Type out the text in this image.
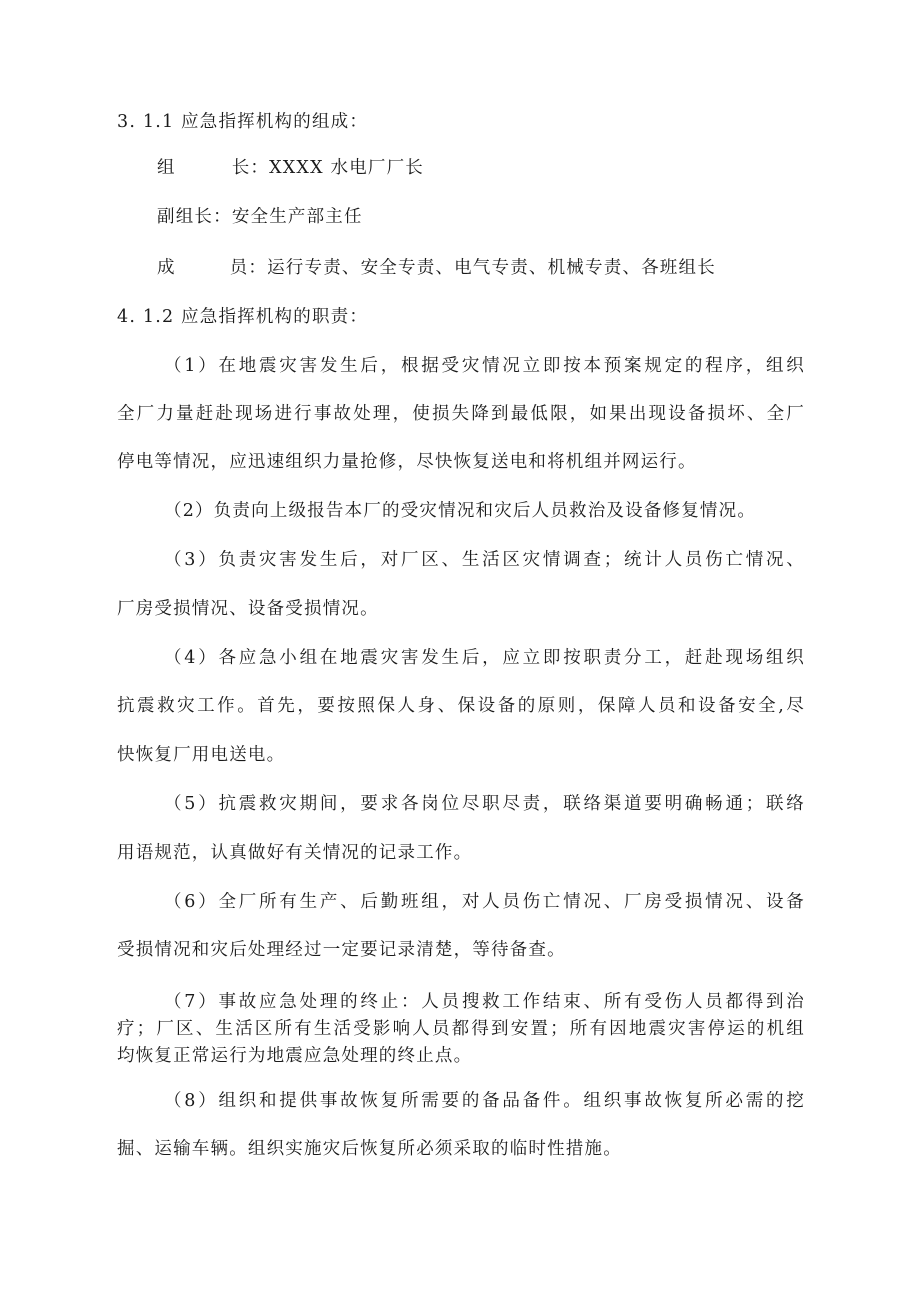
3. 1.1 应急指挥机构的组成：
组	长：XXXX 水电厂厂长
副组长：安全生产部主任
成	员：运行专责、安全专责、电气专责、机械专责、各班组长
4. 1.2 应急指挥机构的职责：
（1）在地震灾害发生后，根据受灾情况立即按本预案规定的程序，组织
全厂力量赶赴现场进行事故处理，使损失降到最低限，如果出现设备损坏、全厂
停电等情况，应迅速组织力量抢修，尽快恢复送电和将机组并网运行。
（2）负责向上级报告本厂的受灾情况和灾后人员救治及设备修复情况。
（3）负责灾害发生后，对厂区、生活区灾情调查；统计人员伤亡情况、
厂房受损情况、设备受损情况。
（4）各应急小组在地震灾害发生后，应立即按职责分工，赶赴现场组织
抗震救灾工作。首先，要按照保人身、保设备的原则，保障人员和设备安全,尽
快恢复厂用电送电。
（5）抗震救灾期间，要求各岗位尽职尽责，联络渠道要明确畅通；联络
用语规范，认真做好有关情况的记录工作。
（6）全厂所有生产、后勤班组，对人员伤亡情况、厂房受损情况、设备
受损情况和灾后处理经过一定要记录清楚，等待备查。
（7）事故应急处理的终止：人员搜救工作结束、所有受伤人员都得到治
疗；厂区、生活区所有生活受影响人员都得到安置；所有因地震灾害停运的机组
均恢复正常运行为地震应急处理的终止点。
（8）组织和提供事故恢复所需要的备品备件。组织事故恢复所必需的挖
掘、运输车辆。组织实施灾后恢复所必须采取的临时性措施。
